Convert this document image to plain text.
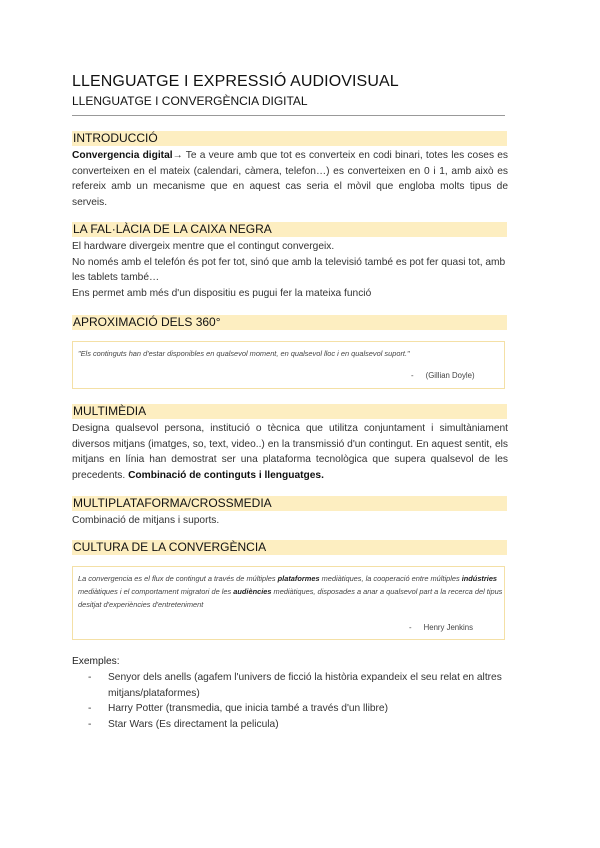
LLENGUATGE I EXPRESSIÓ AUDIOVISUAL
LLENGUATGE I CONVERGÈNCIA DIGITAL
INTRODUCCIÓ
Convergencia digital→ Te a veure amb que tot es converteix en codi binari, totes les coses es converteixen en el mateix (calendari, càmera, telefon…) es converteixen en 0 i 1, amb això es refereix amb un mecanisme que en aquest cas seria el mòvil que engloba molts tipus de serveis.
LA FAL·LÀCIA DE LA CAIXA NEGRA
El hardware divergeix mentre que el contingut convergeix.
No només amb el telefón és pot fer tot, sinó que amb la televisió també es pot fer quasi tot, amb les tablets també…
Ens permet amb més d'un dispositiu es pugui fer la mateixa funció
APROXIMACIÓ DELS 360°
"Els continguts han d'estar disponibles en qualsevol moment, en qualsevol lloc i en qualsevol suport."
- (Gillian Doyle)
MULTIMÈDIA
Designa qualsevol persona, institució o tècnica que utilitza conjuntament i simultàniament diversos mitjans (imatges, so, text, video..) en la transmissió d'un contingut. En aquest sentit, els mitjans en línia han demostrat ser una plataforma tecnològica que supera qualsevol de les precedents. Combinació de continguts i llenguatges.
MULTIPLATAFORMA/CROSSMEDIA
Combinació de mitjans i suports.
CULTURA DE LA CONVERGÈNCIA
La convergencia es el flux de contingut a través de múltiples plataformes mediàtiques, la cooperació entre múltiples indústries mediàtiques i el comportament migratori de les audiències mediàtiques, disposades a anar a qualsevol part a la recerca del tipus desitjat d'experiències d'entreteniment
- Henry Jenkins
Exemples:
- Senyor dels anells (agafem l'univers de ficció la història expandeix el seu relat en altres mitjans/plataformes)
- Harry Potter (transmedia, que inicia també a través d'un llibre)
- Star Wars (Es directament la pelicula)
